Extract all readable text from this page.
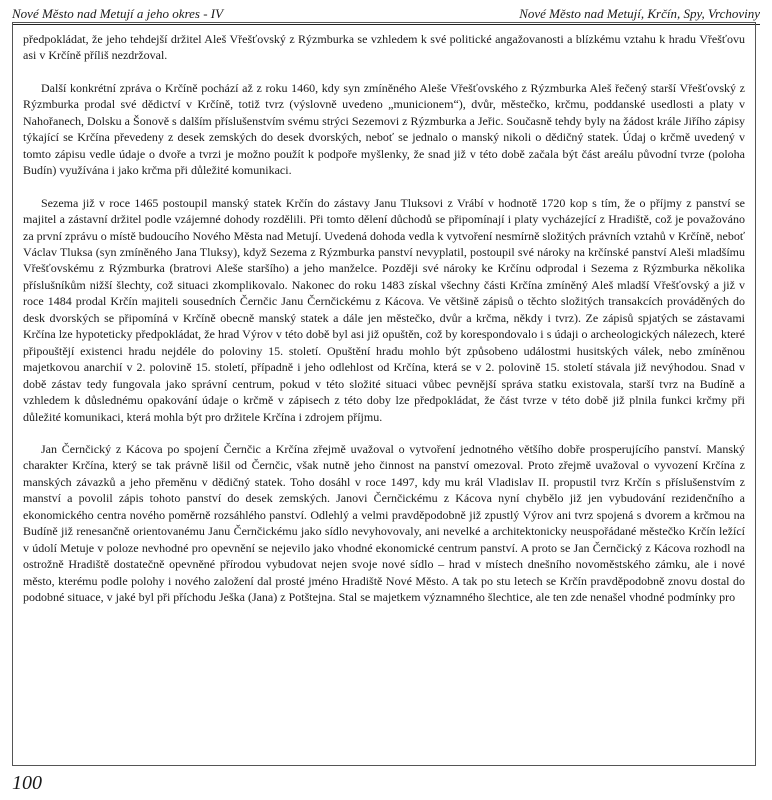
Nové Město nad Metují a jeho okres - IV	Nové Město nad Metují, Krčín, Spy, Vrchoviny

předpokládat, že jeho tehdejší držitel Aleš Vřešťovský z Rýzmburka se vzhledem k své politické angažovanosti a blízkému vztahu k hradu Vřešťovu asi v Krčíně příliš nezdržoval.

Další konkrétní zpráva o Krčíně pochází až z roku 1460, kdy syn zmíněného Aleše Vřešťovského z Rýzmburka Aleš řečený starší Vřešťovský z Rýzmburka prodal své dědictví v Krčíně, totiž tvrz (výslovně uvedeno „municionem“), dvůr, městečko, krčmu, poddanské usedlosti a platy v Nahořanech, Dolsku a Šonově s dalším příslušenstvím svému strýci Sezemovi z Rýzmburka a Jeřic. Současně tehdy byly na žádost krále Jiřího zápisy týkající se Krčína převedeny z desek zemských do desek dvorských, neboť se jednalo o manský nikoli o dědičný statek. Údaj o krčmě uvedený v tomto zápisu vedle údaje o dvoře a tvrzi je možno použít k podpoře myšlenky, že snad již v této době začala být část areálu původní tvrze (poloha Budín) využívána i jako krčma při důležité komunikaci.

Sezema již v roce 1465 postoupil manský statek Krčín do zástavy Janu Tluksovi z Vrábí v hodnotě 1720 kop s tím, že o příjmy z panství se majitel a zástavní držitel podle vzájemné dohody rozdělili. Při tomto dělení důchodů se připomínají i platy vycházející z Hradiště, což je považováno za první zprávu o místě budoucího Nového Města nad Metují. Uvedená dohoda vedla k vytvoření nesmírně složitých právních vztahů v Krčíně, neboť Václav Tluksa (syn zmíněného Jana Tluksy), když Sezema z Rýzmburka panství nevyplatil, postoupil své nároky na krčínské panství Aleši mladšímu Vřešťovskému z Rýzmburka (bratrovi Aleše staršího) a jeho manželce. Později své nároky ke Krčínu odprodal i Sezema z Rýzmburka několika příslušníkům nižší šlechty, což situaci zkomplikovalo. Nakonec do roku 1483 získal všechny části Krčína zmíněný Aleš mladší Vřešťovský a již v roce 1484 prodal Krčín majiteli sousedních Černčic Janu Černčickému z Kácova. Ve většině zápisů o těchto složitých transakcích prováděných do desk dvorských se připomíná v Krčíně obecně manský statek a dále jen městečko, dvůr a krčma, někdy i tvrz). Ze zápisů spjatých se zástavami Krčína lze hypoteticky předpokládat, že hrad Výrov v této době byl asi již opuštěn, což by korespondovalo i s údaji o archeologických nálezech, které připouštějí existenci hradu nejdéle do poloviny 15. století. Opuštění hradu mohlo být způsobeno událostmi husitských válek, nebo zmíněnou majetkovou anarchií v 2. polovině 15. století, případně i jeho odlehlost od Krčína, která se v 2. polovině 15. století stávala již nevýhodou. Snad v době zástav tedy fungovala jako správní centrum, pokud v této složité situaci vůbec pevnější správa statku existovala, starší tvrz na Budíně a vzhledem k důslednému opakování údaje o krčmě v zápisech z této doby lze předpokládat, že část tvrze v této době již plnila funkci krčmy při důležité komunikaci, která mohla být pro držitele Krčína i zdrojem příjmu.

Jan Černčický z Kácova po spojení Černčic a Krčína zřejmě uvažoval o vytvoření jednotného většího dobře prosperujícího panství. Manský charakter Krčína, který se tak právně lišil od Černčic, však nutně jeho činnost na panství omezoval. Proto zřejmě uvažoval o vyvození Krčína z manských závazků a jeho přeměnu v dědičný statek. Toho dosáhl v roce 1497, kdy mu král Vladislav II. propustil tvrz Krčín s příslušenstvím z manství a povolil zápis tohoto panství do desek zemských. Janovi Černčickému z Kácova nyní chybělo již jen vybudování rezidenčního a ekonomického centra nového poměrně rozsáhlého panství. Odlehlý a velmi pravděpodobně již zpustlý Výrov ani tvrz spojená s dvorem a krčmou na Budíně již renesančně orientovanému Janu Černčickému jako sídlo nevyhovovaly, ani nevelké a architektonicky neuspořádané městečko Krčín ležící v údolí Metuje v poloze nevhodné pro opevnění se nejevilo jako vhodné ekonomické centrum panství. A proto se Jan Černčický z Kácova rozhodl na ostrožně Hradiště dostatečně opevněné přírodou vybudovat nejen svoje nové sídlo – hrad v místech dnešního novoměstského zámku, ale i nové město, kterému podle polohy i nového založení dal prosté jméno Hradiště Nové Město. A tak po stu letech se Krčín pravděpodobně znovu dostal do podobné situace, v jaké byl při příchodu Ješka (Jana) z Potštejna. Stal se majetkem významného šlechtice, ale ten zde nenašel vhodné podmínky pro

100
